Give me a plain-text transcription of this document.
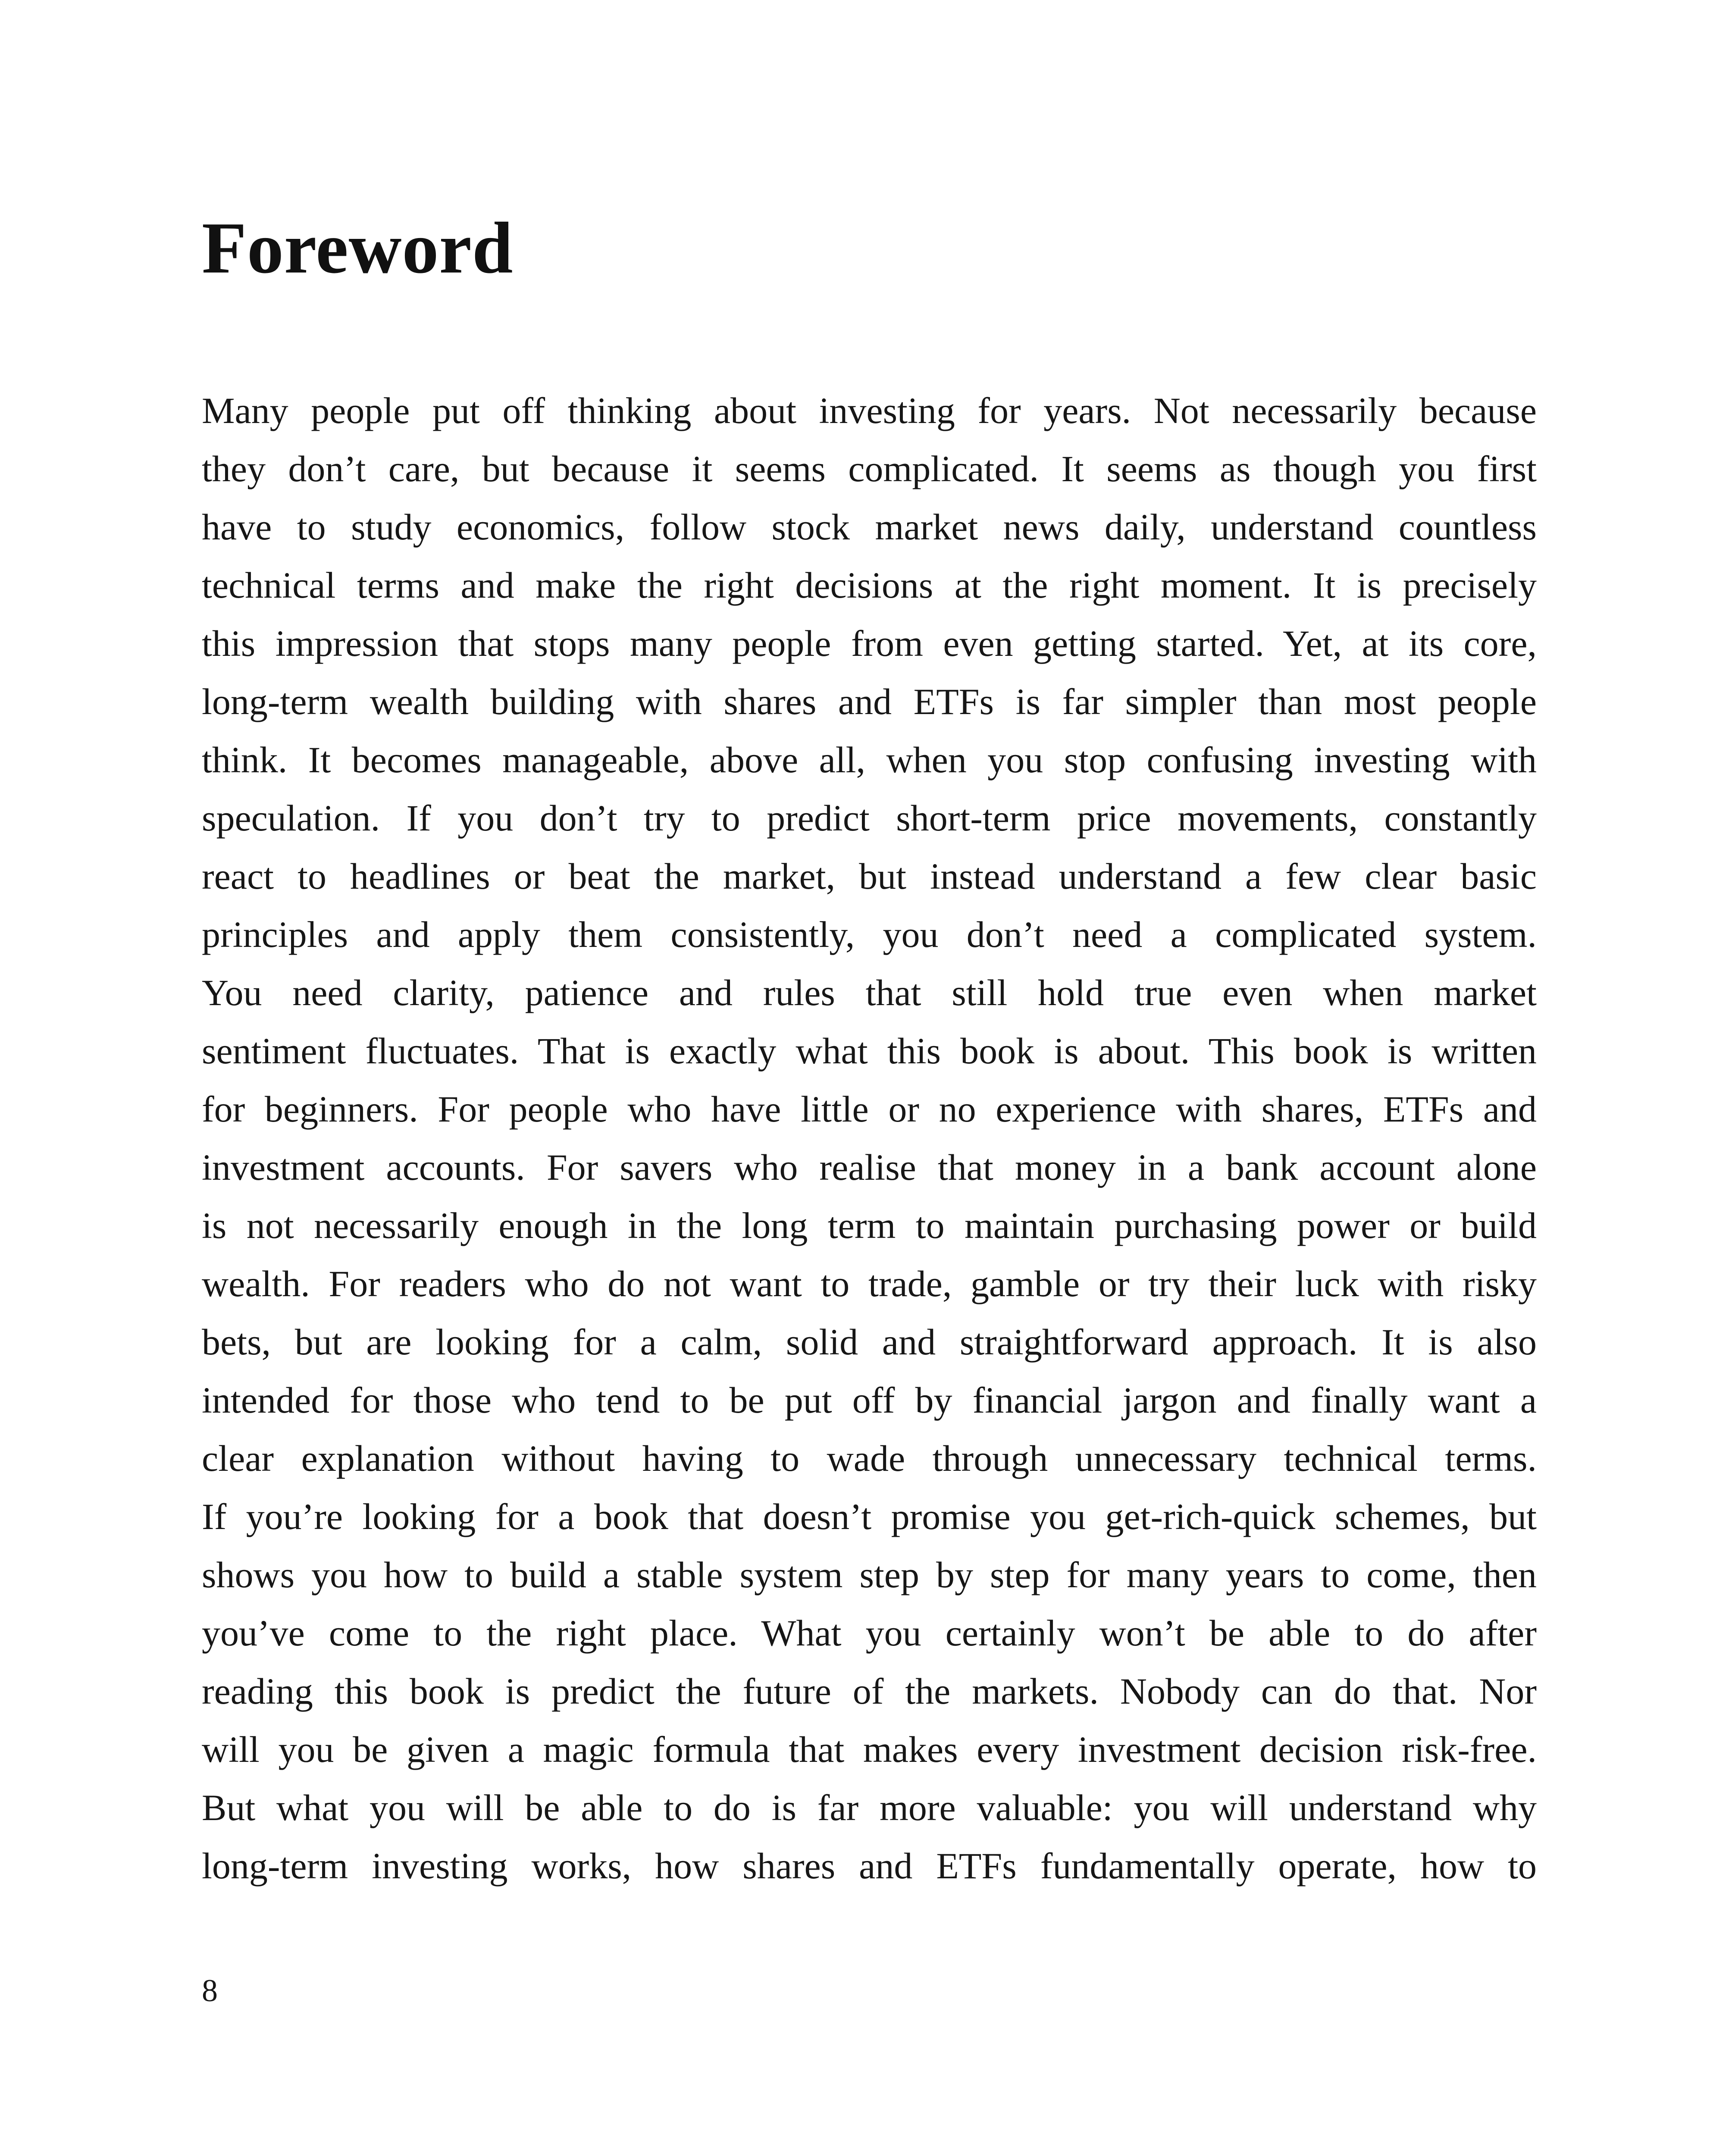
Foreword
Many people put off thinking about investing for years. Not necessarily because
they don’t care, but because it seems complicated. It seems as though you first
have to study economics, follow stock market news daily, understand countless
technical terms and make the right decisions at the right moment. It is precisely
this impression that stops many people from even getting started. Yet, at its core,
long-term wealth building with shares and ETFs is far simpler than most people
think. It becomes manageable, above all, when you stop confusing investing with
speculation. If you don’t try to predict short-term price movements, constantly
react to headlines or beat the market, but instead understand a few clear basic
principles and apply them consistently, you don’t need a complicated system.
You need clarity, patience and rules that still hold true even when market
sentiment fluctuates. That is exactly what this book is about. This book is written
for beginners. For people who have little or no experience with shares, ETFs and
investment accounts. For savers who realise that money in a bank account alone
is not necessarily enough in the long term to maintain purchasing power or build
wealth. For readers who do not want to trade, gamble or try their luck with risky
bets, but are looking for a calm, solid and straightforward approach. It is also
intended for those who tend to be put off by financial jargon and finally want a
clear explanation without having to wade through unnecessary technical terms.
If you’re looking for a book that doesn’t promise you get-rich-quick schemes, but
shows you how to build a stable system step by step for many years to come, then
you’ve come to the right place. What you certainly won’t be able to do after
reading this book is predict the future of the markets. Nobody can do that. Nor
will you be given a magic formula that makes every investment decision risk-free.
But what you will be able to do is far more valuable: you will understand why
long-term investing works, how shares and ETFs fundamentally operate, how to
8
